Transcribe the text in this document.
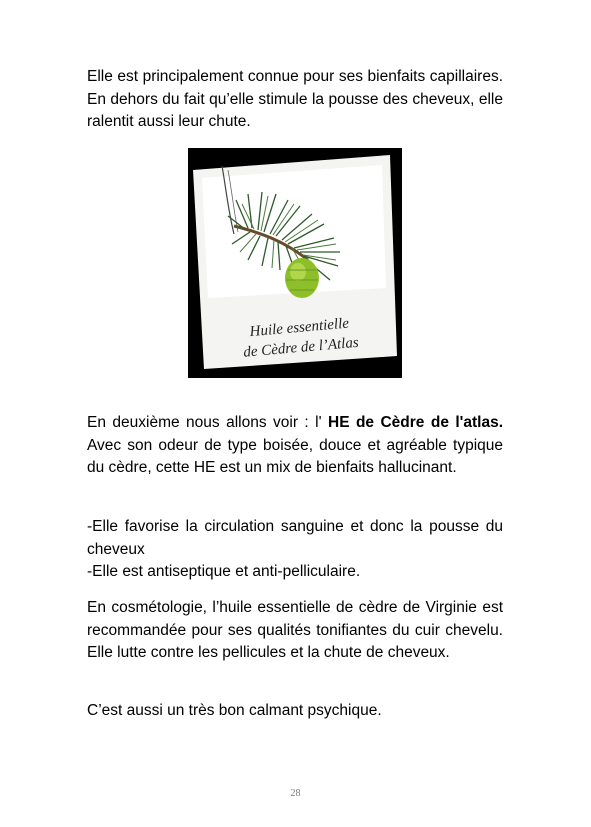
Elle est principalement connue pour ses bienfaits capillaires. En dehors du fait qu’elle stimule la pousse des cheveux, elle ralentit aussi leur chute.

Huile essentielle
de Cèdre de l’Atlas

En deuxième nous allons voir : l' HE de Cèdre de l'atlas. Avec son odeur de type boisée, douce et agréable typique du cèdre, cette HE est un mix de bienfaits hallucinant.

-Elle favorise la circulation sanguine et donc la pousse du cheveux
-Elle est antiseptique et anti-pelliculaire.

En cosmétologie, l’huile essentielle de cèdre de Virginie est recommandée pour ses qualités tonifiantes du cuir chevelu. Elle lutte contre les pellicules et la chute de cheveux.

C’est aussi un très bon calmant psychique.

28
